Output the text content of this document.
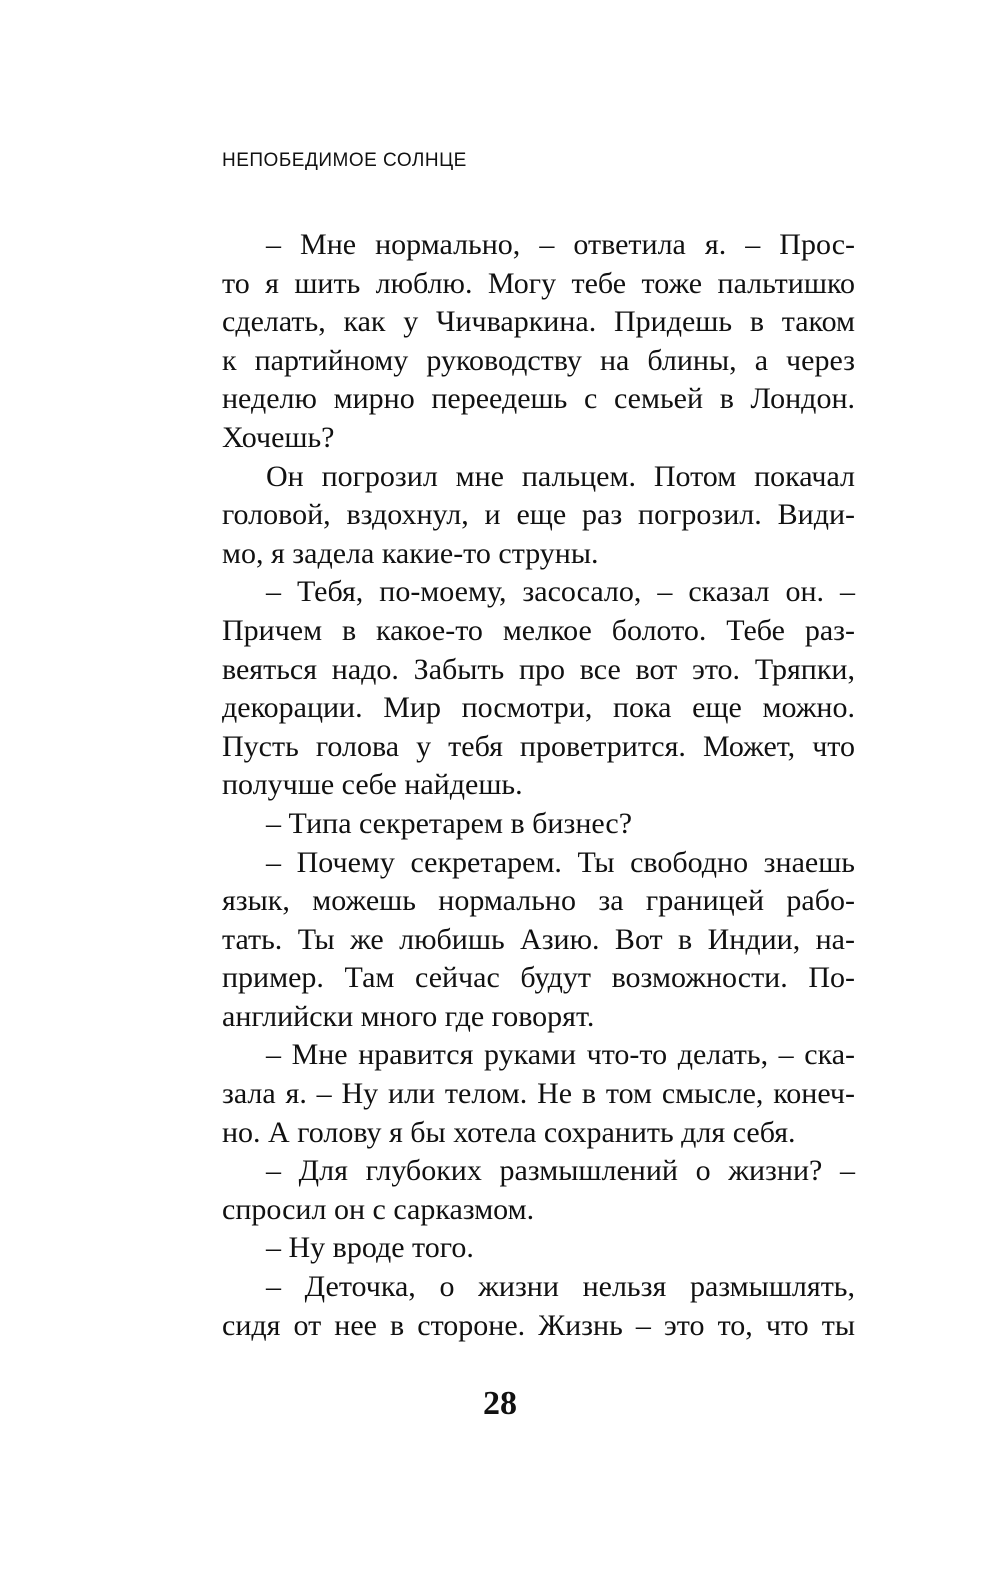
НЕПОБЕДИМОЕ СОЛНЦЕ
– Мне нормально, – ответила я. – Прос-
то я шить люблю. Могу тебе тоже пальтишко
сделать, как у Чичваркина. Придешь в таком
к партийному руководству на блины, а через
неделю мирно переедешь с семьей в Лондон.
Хочешь?
Он погрозил мне пальцем. Потом покачал
головой, вздохнул, и еще раз погрозил. Види-
мо, я задела какие-то струны.
– Тебя, по-моему, засосало, – сказал он. –
Причем в какое-то мелкое болото. Тебе раз-
веяться надо. Забыть про все вот это. Тряпки,
декорации. Мир посмотри, пока еще можно.
Пусть голова у тебя проветрится. Может, что
получше себе найдешь.
– Типа секретарем в бизнес?
– Почему секретарем. Ты свободно знаешь
язык, можешь нормально за границей рабо-
тать. Ты же любишь Азию. Вот в Индии, на-
пример. Там сейчас будут возможности. По-
английски много где говорят.
– Мне нравится руками что-то делать, – ска-
зала я. – Ну или телом. Не в том смысле, конеч-
но. А голову я бы хотела сохранить для себя.
– Для глубоких размышлений о жизни? –
спросил он с сарказмом.
– Ну вроде того.
– Деточка, о жизни нельзя размышлять,
сидя от нее в стороне. Жизнь – это то, что ты
28
